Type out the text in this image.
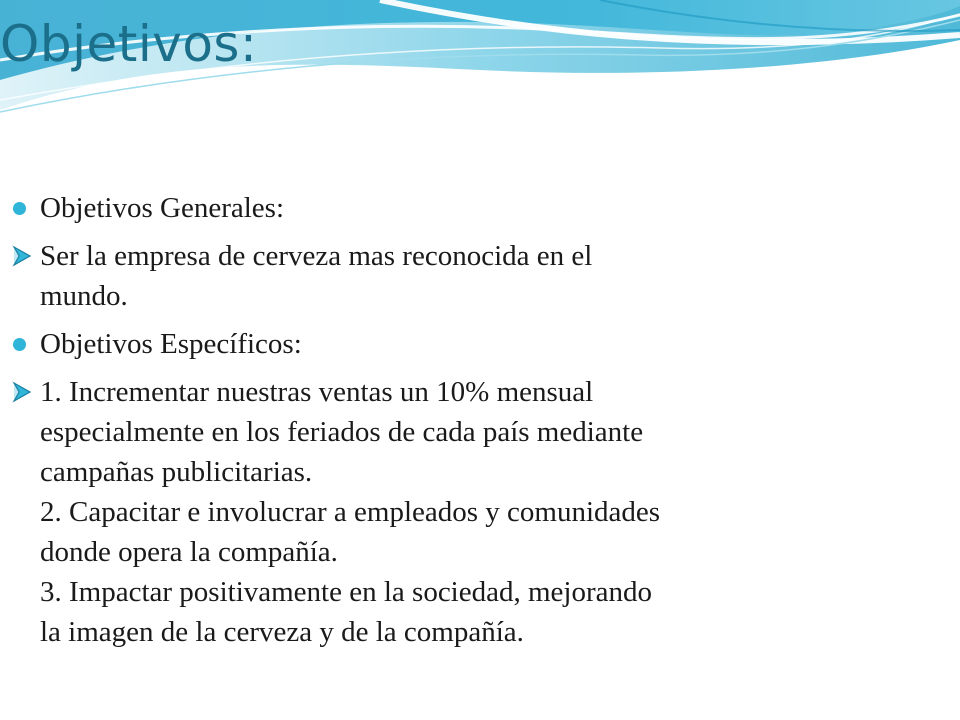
Objetivos:
Objetivos Generales:
Ser la empresa de cerveza mas reconocida en el
mundo.
Objetivos Específicos:
1. Incrementar nuestras ventas un 10% mensual
especialmente en los feriados de cada país mediante
campañas publicitarias.
2. Capacitar e involucrar a empleados y comunidades
donde opera la compañía.
3. Impactar positivamente en la sociedad, mejorando
la imagen de la cerveza y de la compañía.
